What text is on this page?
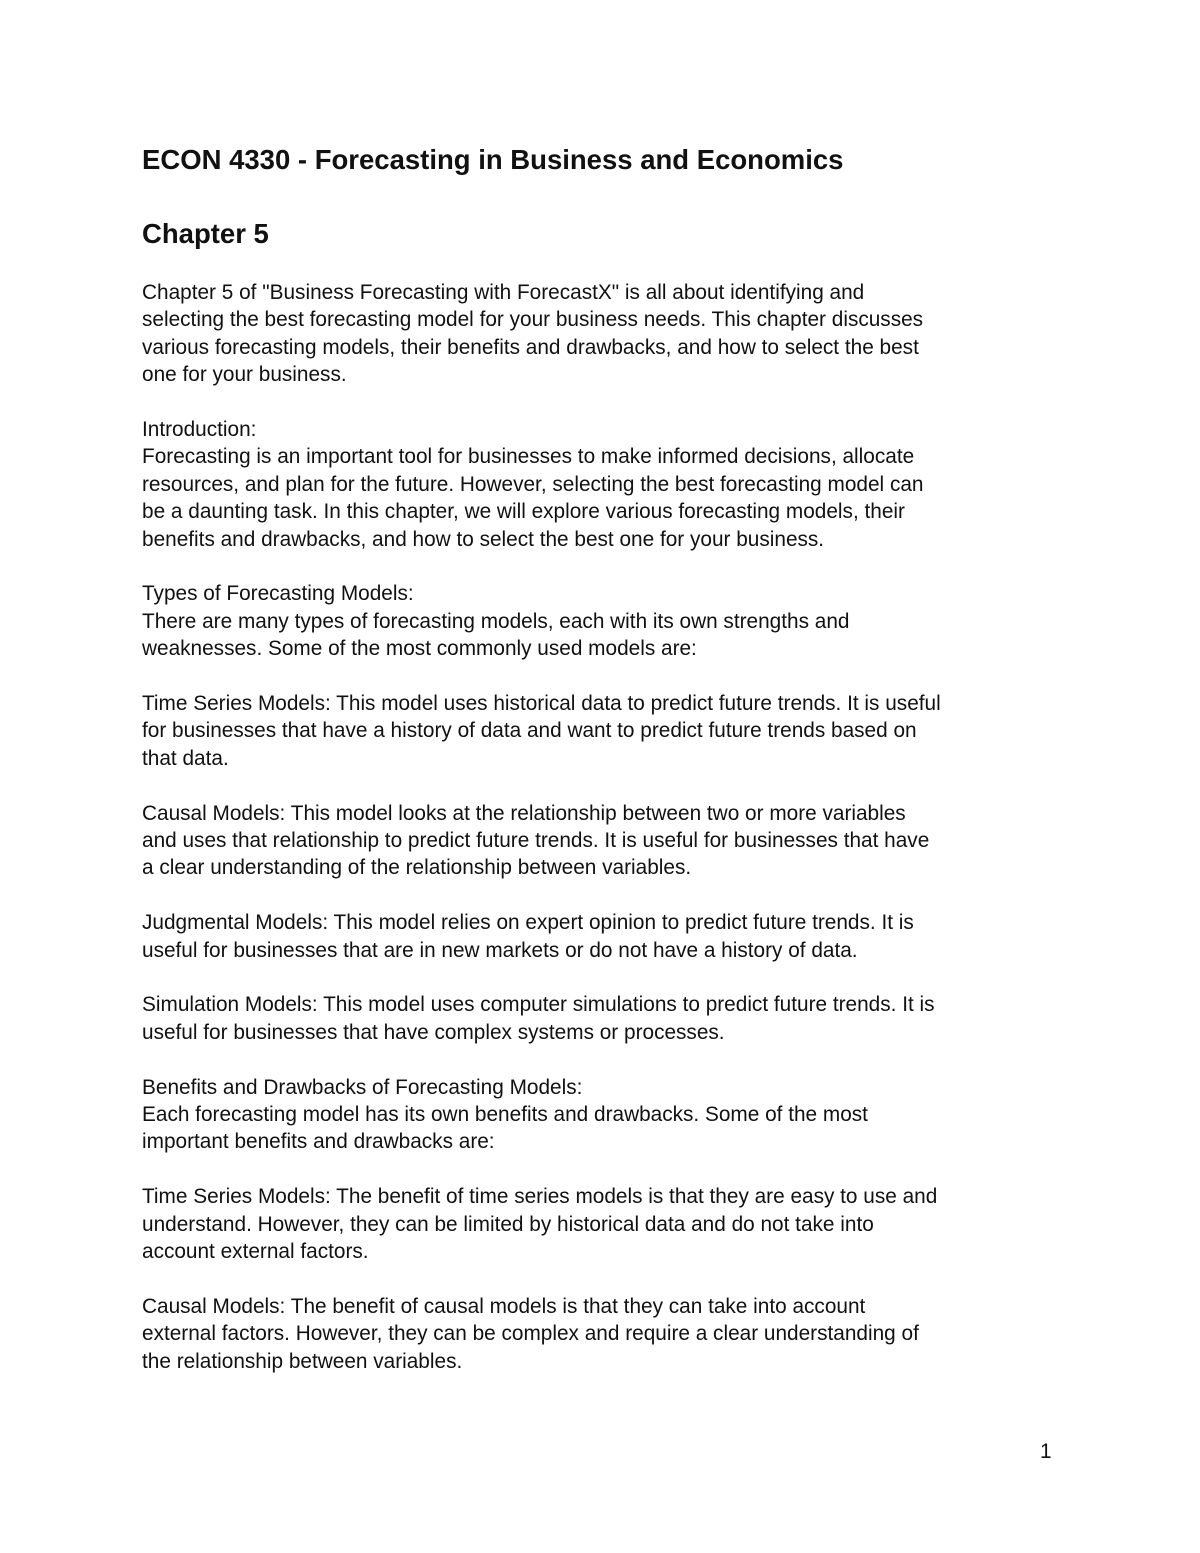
ECON 4330 - Forecasting in Business and Economics
Chapter 5

Chapter 5 of "Business Forecasting with ForecastX" is all about identifying and
selecting the best forecasting model for your business needs. This chapter discusses
various forecasting models, their benefits and drawbacks, and how to select the best
one for your business.

Introduction:
Forecasting is an important tool for businesses to make informed decisions, allocate
resources, and plan for the future. However, selecting the best forecasting model can
be a daunting task. In this chapter, we will explore various forecasting models, their
benefits and drawbacks, and how to select the best one for your business.

Types of Forecasting Models:
There are many types of forecasting models, each with its own strengths and
weaknesses. Some of the most commonly used models are:

Time Series Models: This model uses historical data to predict future trends. It is useful
for businesses that have a history of data and want to predict future trends based on
that data.

Causal Models: This model looks at the relationship between two or more variables
and uses that relationship to predict future trends. It is useful for businesses that have
a clear understanding of the relationship between variables.

Judgmental Models: This model relies on expert opinion to predict future trends. It is
useful for businesses that are in new markets or do not have a history of data.

Simulation Models: This model uses computer simulations to predict future trends. It is
useful for businesses that have complex systems or processes.

Benefits and Drawbacks of Forecasting Models:
Each forecasting model has its own benefits and drawbacks. Some of the most
important benefits and drawbacks are:

Time Series Models: The benefit of time series models is that they are easy to use and
understand. However, they can be limited by historical data and do not take into
account external factors.

Causal Models: The benefit of causal models is that they can take into account
external factors. However, they can be complex and require a clear understanding of
the relationship between variables.

1
